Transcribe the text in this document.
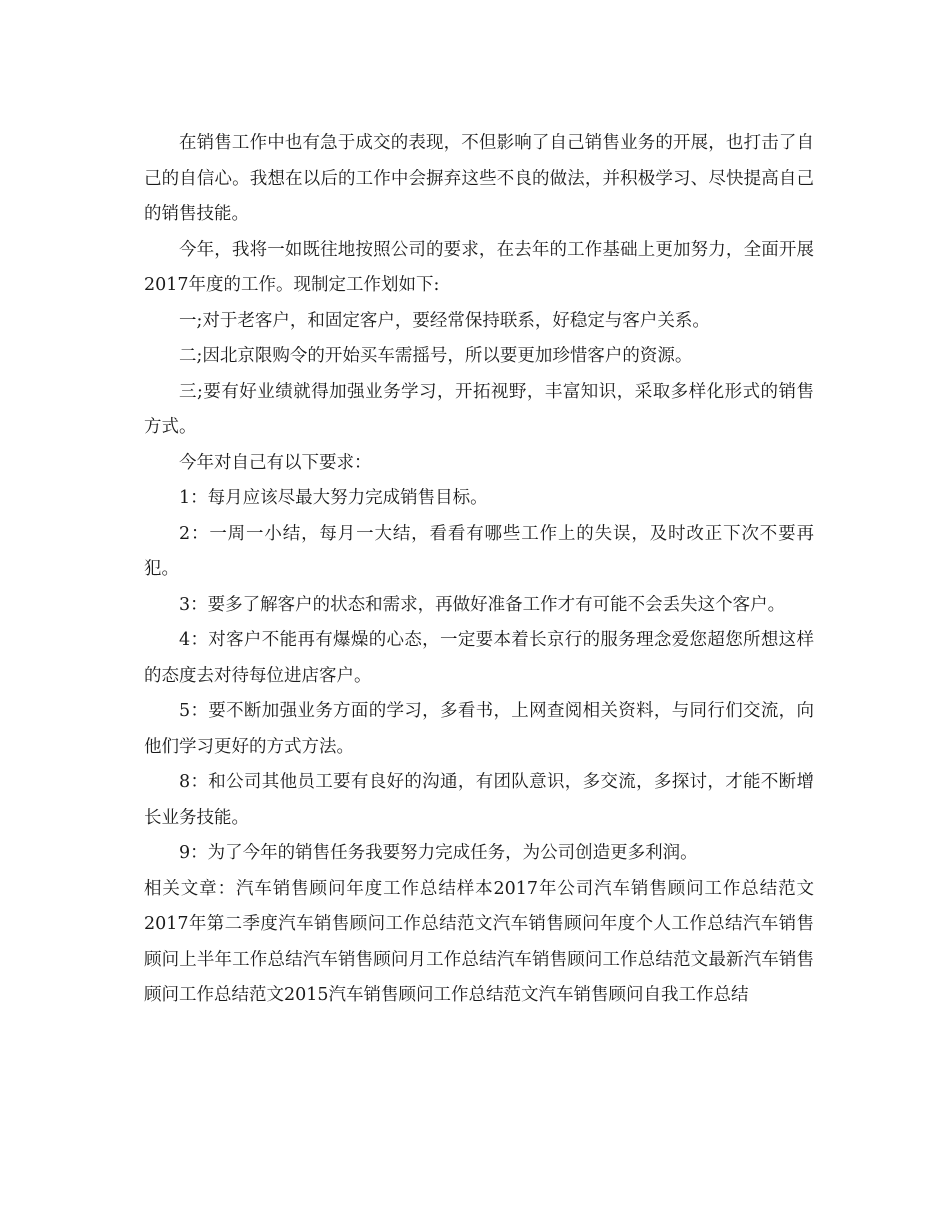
在销售工作中也有急于成交的表现，不但影响了自己销售业务的开展，也打击了自己的自信心。我想在以后的工作中会摒弃这些不良的做法，并积极学习、尽快提高自己的销售技能。

今年，我将一如既往地按照公司的要求，在去年的工作基础上更加努力，全面开展2017年度的工作。现制定工作划如下:

一;对于老客户，和固定客户，要经常保持联系，好稳定与客户关系。

二;因北京限购令的开始买车需摇号，所以要更加珍惜客户的资源。

三;要有好业绩就得加强业务学习，开拓视野，丰富知识，采取多样化形式的销售方式。

今年对自己有以下要求：

1：每月应该尽最大努力完成销售目标。

2：一周一小结，每月一大结，看看有哪些工作上的失误，及时改正下次不要再犯。

3：要多了解客户的状态和需求，再做好准备工作才有可能不会丢失这个客户。

4：对客户不能再有爆燥的心态，一定要本着长京行的服务理念爱您超您所想这样的态度去对待每位进店客户。

5：要不断加强业务方面的学习，多看书，上网查阅相关资料，与同行们交流，向他们学习更好的方式方法。

8：和公司其他员工要有良好的沟通，有团队意识，多交流，多探讨，才能不断增长业务技能。

9：为了今年的销售任务我要努力完成任务，为公司创造更多利润。

相关文章：汽车销售顾问年度工作总结样本2017年公司汽车销售顾问工作总结范文2017年第二季度汽车销售顾问工作总结范文汽车销售顾问年度个人工作总结汽车销售顾问上半年工作总结汽车销售顾问月工作总结汽车销售顾问工作总结范文最新汽车销售顾问工作总结范文2015汽车销售顾问工作总结范文汽车销售顾问自我工作总结
